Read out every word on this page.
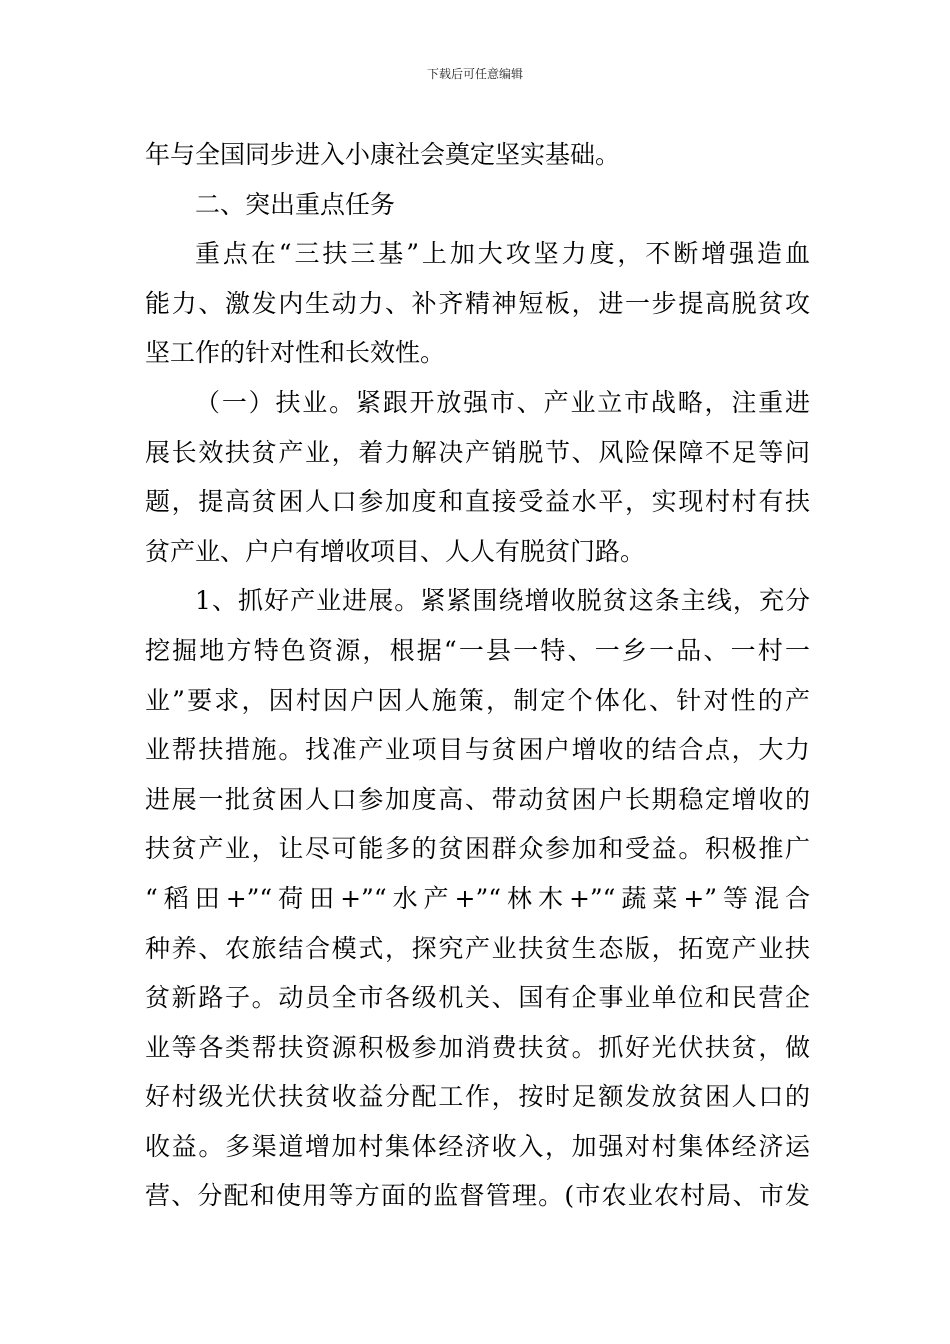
下载后可任意编辑
年与全国同步进入小康社会奠定坚实基础。
二、突出重点任务
重点在“三扶三基”上加大攻坚力度，不断增强造血
能力、激发内生动力、补齐精神短板，进一步提高脱贫攻
坚工作的针对性和长效性。
（一）扶业。紧跟开放强市、产业立市战略，注重进
展长效扶贫产业，着力解决产销脱节、风险保障不足等问
题，提高贫困人口参加度和直接受益水平，实现村村有扶
贫产业、户户有增收项目、人人有脱贫门路。
1、抓好产业进展。紧紧围绕增收脱贫这条主线，充分
挖掘地方特色资源，根据“一县一特、一乡一品、一村一
业”要求，因村因户因人施策，制定个体化、针对性的产
业帮扶措施。找准产业项目与贫困户增收的结合点，大力
进展一批贫困人口参加度高、带动贫困户长期稳定增收的
扶贫产业，让尽可能多的贫困群众参加和受益。积极推广
“稻田+”“荷田+”“水产+”“林木+”“蔬菜+”等混合
种养、农旅结合模式，探究产业扶贫生态版，拓宽产业扶
贫新路子。动员全市各级机关、国有企事业单位和民营企
业等各类帮扶资源积极参加消费扶贫。抓好光伏扶贫，做
好村级光伏扶贫收益分配工作，按时足额发放贫困人口的
收益。多渠道增加村集体经济收入，加强对村集体经济运
营、分配和使用等方面的监督管理。(市农业农村局、市发
